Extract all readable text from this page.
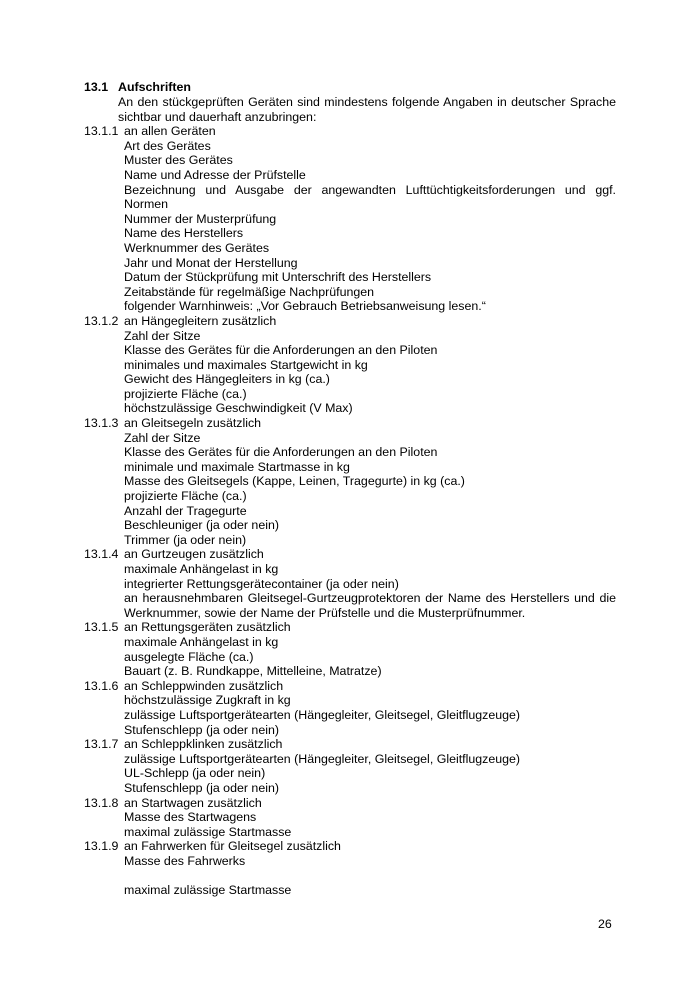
13.1 Aufschriften
An den stückgeprüften Geräten sind mindestens folgende Angaben in deutscher Sprache sichtbar und dauerhaft anzubringen:
13.1.1 an allen Geräten
Art des Gerätes
Muster des Gerätes
Name und Adresse der Prüfstelle
Bezeichnung und Ausgabe der angewandten Lufttüchtigkeitsforderungen und ggf. Normen
Nummer der Musterprüfung
Name des Herstellers
Werknummer des Gerätes
Jahr und Monat der Herstellung
Datum der Stückprüfung mit Unterschrift des Herstellers
Zeitabstände für regelmäßige Nachprüfungen
folgender Warnhinweis: „Vor Gebrauch Betriebsanweisung lesen.“
13.1.2 an Hängegleitern zusätzlich
Zahl der Sitze
Klasse des Gerätes für die Anforderungen an den Piloten
minimales und maximales Startgewicht in kg
Gewicht des Hängegleiters in kg (ca.)
projizierte Fläche (ca.)
höchstzulässige Geschwindigkeit (V Max)
13.1.3 an Gleitsegeln zusätzlich
Zahl der Sitze
Klasse des Gerätes für die Anforderungen an den Piloten
minimale und maximale Startmasse in kg
Masse des Gleitsegels (Kappe, Leinen, Tragegurte) in kg (ca.)
projizierte Fläche (ca.)
Anzahl der Tragegurte
Beschleuniger (ja oder nein)
Trimmer (ja oder nein)
13.1.4 an Gurtzeugen zusätzlich
maximale Anhängelast in kg
integrierter Rettungsgerätecontainer (ja oder nein)
an herausnehmbaren Gleitsegel-Gurtzeugprotektoren der Name des Herstellers und die Werknummer, sowie der Name der Prüfstelle und die Musterprüfnummer.
13.1.5 an Rettungsgeräten zusätzlich
maximale Anhängelast in kg
ausgelegte Fläche (ca.)
Bauart (z. B. Rundkappe, Mittelleine, Matratze)
13.1.6 an Schleppwinden zusätzlich
höchstzulässige Zugkraft in kg
zulässige Luftsportgerätearten (Hängegleiter, Gleitsegel, Gleitflugzeuge)
Stufenschlepp (ja oder nein)
13.1.7 an Schleppklinken zusätzlich
zulässige Luftsportgerätearten (Hängegleiter, Gleitsegel, Gleitflugzeuge)
UL-Schlepp (ja oder nein)
Stufenschlepp (ja oder nein)
13.1.8 an Startwagen zusätzlich
Masse des Startwagens
maximal zulässige Startmasse
13.1.9 an Fahrwerken für Gleitsegel zusätzlich
Masse des Fahrwerks
maximal zulässige Startmasse
26
